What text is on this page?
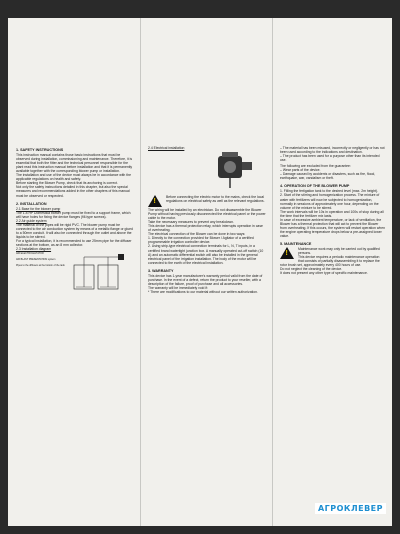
1. SAFETY INSTRUCTIONS

This instruction manual contains those basic instructions that must be observed during installation, commissioning and maintenance. Therefore, it is essential that both the fitter and the technical personnel responsible for the plant read this instruction manual before installation and that it is permanently available together with the corresponding blower pump or installation.

The installation and use of the device must always be in accordance with the applicable regulations on health and safety.

Before starting the Blower Pump, check that its anchoring is correct.

Not only the safety instructions detailed in this chapter, but also the special measures and recommendations added in the other chapters of this manual must be observed or respected.

2. INSTALLATION

2.1 Base for the blower pump

The 1.8 HP Domestica blower pump must be fixed to a support frame, which will have holes for fixing the device flanges (fill-type screws).

2.2 Air guide system

The material of the pipes will be rigid PVC. The blower pump must be connected to the air conduction system by means of a metallic flange or glued to a 50mm conduit. It will also be connected through the outlet and above the liquids to be stirred.

For a typical installation, it is recommended to use 25mm pipe for the diffuser sections at the bottom, as an 8 mm collector.

2.3 Installation diagram

AIR ELECTROAGITATOR

AIR BLAST PRESENTATION system

Pipes to the diffusers at the bottom of the tank

2.4 Electrical installation

!

Before connecting the electric motor to the mains, check the local regulations on electrical safety as well as the relevant regulations.

The wiring will be installed by an electrician. Do not disassemble the Blower Pump without having previously disconnected the electrical panel or the power cable to the motor.

Take the necessary measures to prevent any breakdown.

This device has a thermal protection relay, which interrupts operation in case of overheating.

The electrical connection of the Blower can be done in two ways:

1. Directly to the connection provided for Blower / Agitator of a certified programmable irrigation controller device.

2. Using strip-type electrical connection terminals for L, N, T inputs, in a certified brand watertight junction box. A manually operated cut-off switch (10 A) and an automatic differential switch will also be installed in the general electrical panel of the irrigation installation. The body of the motor will be connected to the earth of the electrical installation.

3. WARRANTY

This device has 1-year manufacturer's warranty period valid from the date of purchase. In the event of a defect, return the product to your reseller, with a description of the failure, proof of purchase and all accessories.

The warranty will be immediately void if:

* There are modifications to our material without our written authorization.

– The material has been misused, incorrectly or negligently or has not been used according to the indications and destination.

– The product has been used for a purpose other than its intended use.

The following are excluded from the guarantee:

– Wear parts of the device.

– Damage caused by accidents or disasters, such as fire, flood, earthquake, war, vandalism or theft.

4. OPERATION OF THE BLOWER PUMP

1. Filling the fertigation tank to the desired level (max. 2m height).

2. Start of the stirring and homogenization process. The mixture of water with fertilizers will now be subjected to homogenization, normally in sessions of approximately one hour, depending on the volume of the mixture to be stirred.

The work intervals will be 10s in operation and 100s of stop during all the time that the fertilizer mix lasts.

In case of excessive ambient temperature, or lack of ventilation, the Blower has a thermal protection that will act to prevent the Blower from overheating. If this occurs, the system will restart operation when the engine operating temperature drops below a pre-assigned lower value.

5. MAINTENANCE
!

Maintenance work may only be carried out by qualified persons.

This device requires a periodic maintenance operation that consists of partially disassembling it to replace the rotor brush set, approximately every 400 hours of use.

Do not neglect the cleaning of the device.

It does not present any other type of specific maintenance.

АГРОКЛЕВЕР
